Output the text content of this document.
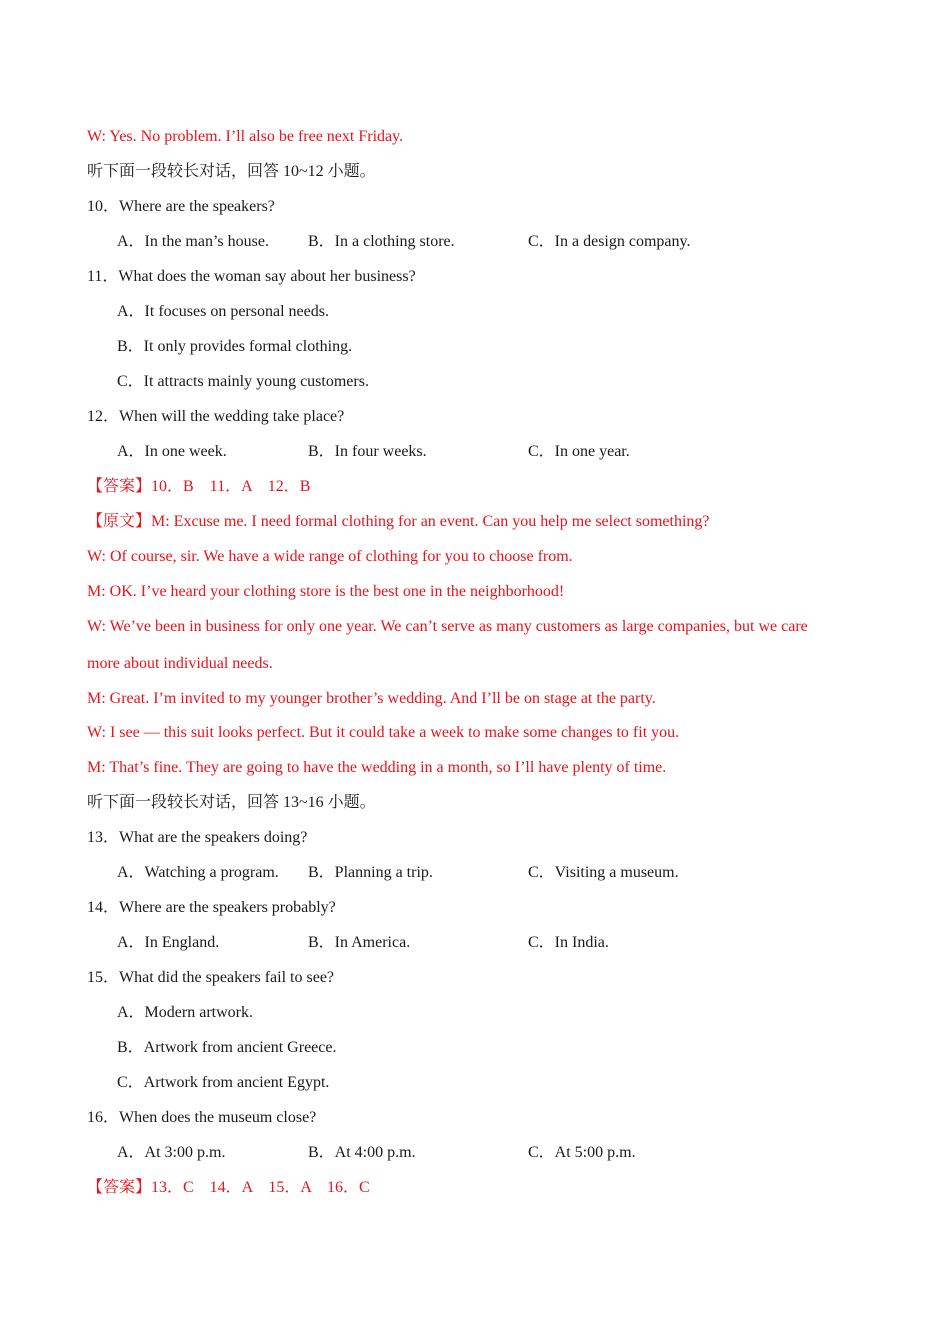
W: Yes. No problem. I’ll also be free next Friday.
听下面一段较长对话，回答 10~12 小题。
10．Where are the speakers?
A．In the man’s house. B．In a clothing store.	C．In a design company.
11．What does the woman say about her business?
A．It focuses on personal needs.
B．It only provides formal clothing.
C．It attracts mainly young customers.
12．When will the wedding take place?
A．In one week.	B．In four weeks.	C．In one year.
【答案】10．B　11．A　12．B
【原文】M: Excuse me. I need formal clothing for an event. Can you help me select something?
W: Of course, sir. We have a wide range of clothing for you to choose from.
M: OK. I’ve heard your clothing store is the best one in the neighborhood!
W: We’ve been in business for only one year. We can’t serve as many customers as large companies, but we care
more about individual needs.
M: Great. I’m invited to my younger brother’s wedding. And I’ll be on stage at the party.
W: I see — this suit looks perfect. But it could take a week to make some changes to fit you.
M: That’s fine. They are going to have the wedding in a month, so I’ll have plenty of time.
听下面一段较长对话，回答 13~16 小题。
13．What are the speakers doing?
A．Watching a program. B．Planning a trip.	C．Visiting a museum.
14．Where are the speakers probably?
A．In England.	B．In America.	C．In India.
15．What did the speakers fail to see?
A．Modern artwork.
B．Artwork from ancient Greece.
C．Artwork from ancient Egypt.
16．When does the museum close?
A．At 3:00 p.m.	B．At 4:00 p.m.	C．At 5:00 p.m.
【答案】13．C　14．A　15．A　16．C
